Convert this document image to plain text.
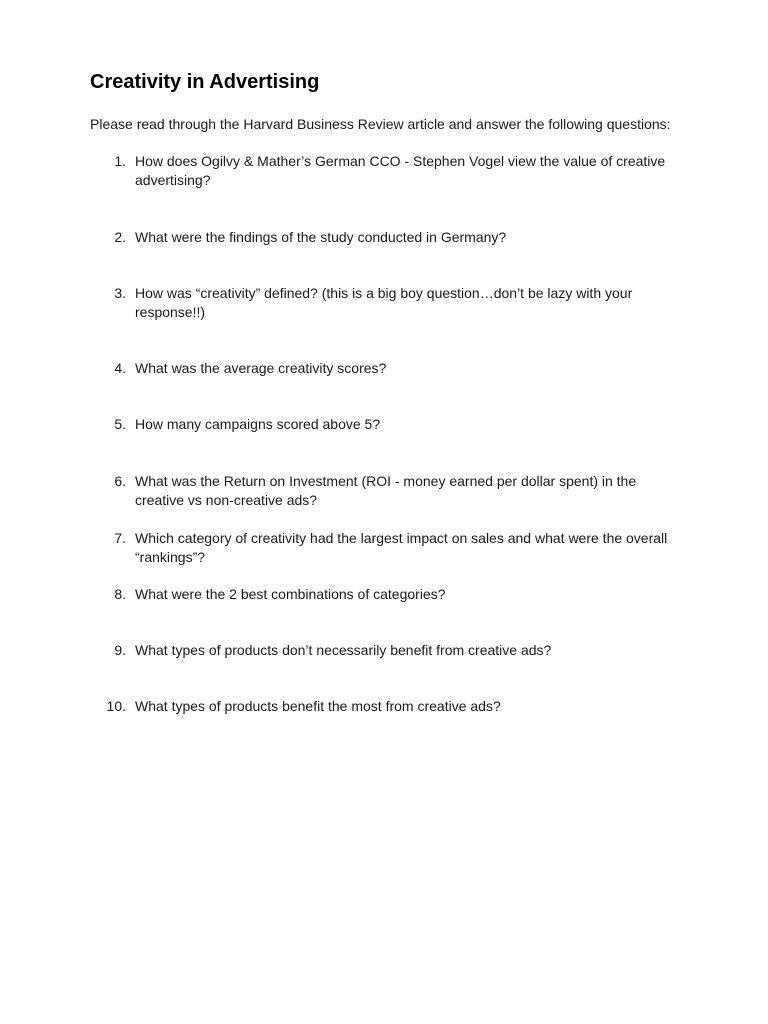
Creativity in Advertising

Please read through the Harvard Business Review article and answer the following questions:

1. How does Ogilvy & Mather’s German CCO - Stephen Vogel view the value of creative advertising?
2. What were the findings of the study conducted in Germany?
3. How was “creativity” defined? (this is a big boy question…don’t be lazy with your response!!)
4. What was the average creativity scores?
5. How many campaigns scored above 5?
6. What was the Return on Investment (ROI - money earned per dollar spent) in the creative vs non-creative ads?
7. Which category of creativity had the largest impact on sales and what were the overall “rankings”?
8. What were the 2 best combinations of categories?
9. What types of products don’t necessarily benefit from creative ads?
10. What types of products benefit the most from creative ads?
